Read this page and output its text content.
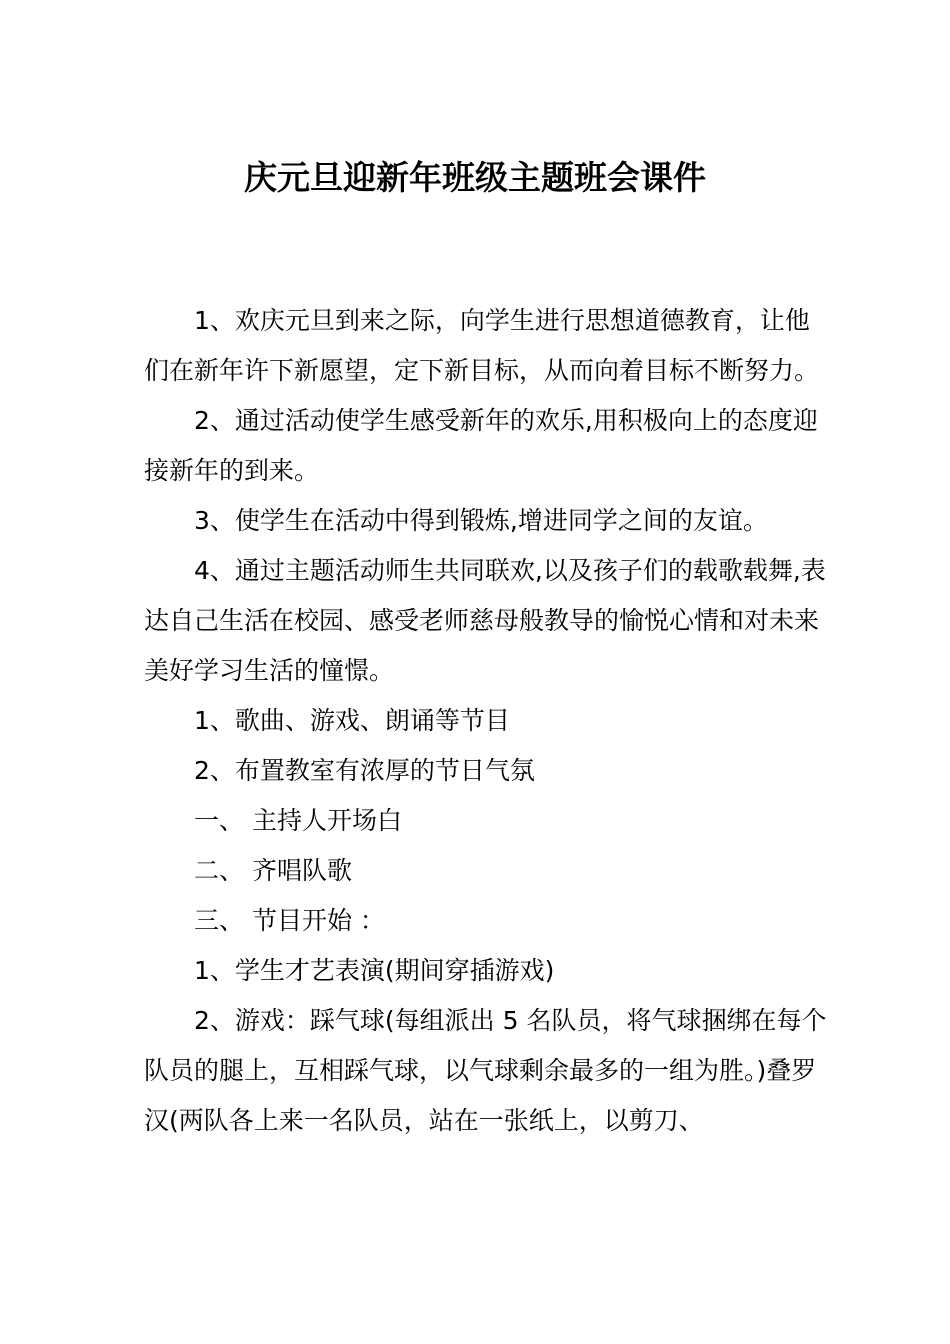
庆元旦迎新年班级主题班会课件

1、欢庆元旦到来之际，向学生进行思想道德教育，让他们在新年许下新愿望，定下新目标，从而向着目标不断努力。

2、通过活动使学生感受新年的欢乐,用积极向上的态度迎接新年的到来。

3、使学生在活动中得到锻炼,增进同学之间的友谊。

4、通过主题活动师生共同联欢,以及孩子们的载歌载舞,表达自己生活在校园、感受老师慈母般教导的愉悦心情和对未来美好学习生活的憧憬。

1、歌曲、游戏、朗诵等节目

2、布置教室有浓厚的节日气氛

一、 主持人开场白

二、 齐唱队歌

三、 节目开始 ：

1、学生才艺表演(期间穿插游戏)

2、游戏：踩气球(每组派出 5 名队员，将气球捆绑在每个队员的腿上，互相踩气球，以气球剩余最多的一组为胜。)叠罗汉(两队各上来一名队员，站在一张纸上，以剪刀、
